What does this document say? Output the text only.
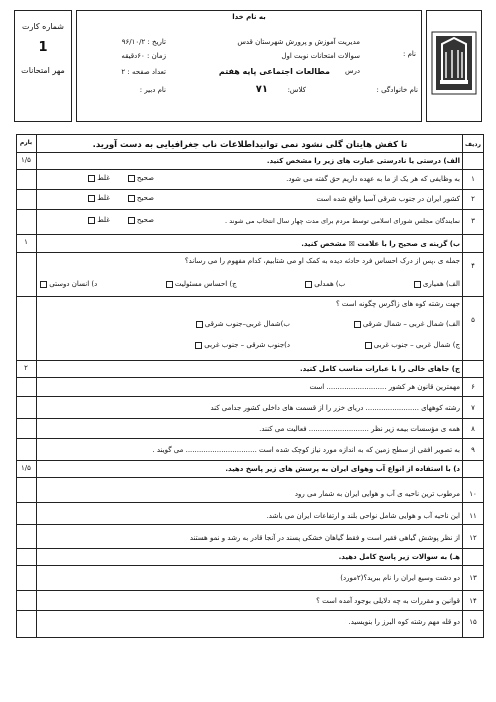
شماره کارت
1
مهر امتحانات
به نام خدا
مدیریت آموزش و پرورش شهرستان قدس
تاریخ : ۹۶/۱۰/۲
نام :
سوالات امتحانات نوبت اول
زمان : ۶۰دقیقه
درس
مطالعات اجتماعی پایه هفتم
تعداد صفحه : ۲
نام خانوادگی :
کلاس:
۷۱
نام دبیر :
ردیف
بارم	تا کفش هایتان گلی نشود نمی توانیداطلاعات ناب جغرافیایی به دست آورید.
الف) درستی یا نادرستی عبارت های زیر را مشخص کنید.
۱/۵
۱
به وظایفی که هر یک از ما به عهده داریم حق گفته می شود.
صحیح         غلط
۲
کشور ایران در جنوب شرقی آسیا واقع شده است
صحیح         غلط
۳
نمایندگان مجلس شورای اسلامی توسط مردم برای مدت چهار سال انتخاب می شوند .
صحیح         غلط
ب) گزینه ی صحیح را با علامت ☒ مشخص کنید.
۱
۴
جمله ی ،پس از درک احساس فرد حادثه دیده به کمک او می شتابیم، کدام مفهوم را می رساند؟
الف) همیاری
ب) همدلی
ج) احساس مسئولیت
د) انسان دوستی
۵
جهت رشته کوه های زاگرس چگونه است ؟
الف) شمال غربی – شمال شرقی
ب)شمال غربی–جنوب شرقی
ج) شمال غربی – جنوب غربی
د)جنوب شرقی – جنوب غربی
ج) جاهای خالی را با عبارات مناسب کامل کنید.
۲
۶
مهمترین قانون هر کشور ........................... است
۷
رشته کوههای ........................ دریای خزر را از قسمت های داخلی کشور جدامی کند
۸
همه ی مؤسسات بیمه زیر نظر ........................... فعالیت می کنند.
۹
به تصویر افقی از سطح زمین که به اندازه مورد نیاز کوچک شده است ................................ می گویند .
د) با استفاده از انواع آب وهوای ایران به پرسش های زیر پاسخ دهید.
۱/۵
۱۰
مرطوب ترین ناحیه ی آب و هوایی ایران به شمار می رود
۱۱
این ناحیه آب و هوایی شامل نواحی بلند و ارتفاعات ایران می باشد.
۱۲
از نظر پوشش گیاهی فقیر است و فقط گیاهان خشکی پسند در آنجا قادر به رشد و نمو هستند
هـ) به سوالات زیر پاسخ کامل دهید.
۱۳
دو دشت وسیع ایران را نام ببرید؟(۲مورد)
۱۴
قوانین و مقررات به چه دلایلی بوجود آمده است ؟
۱۵
دو قله مهم رشته کوه البرز را بنویسید.
